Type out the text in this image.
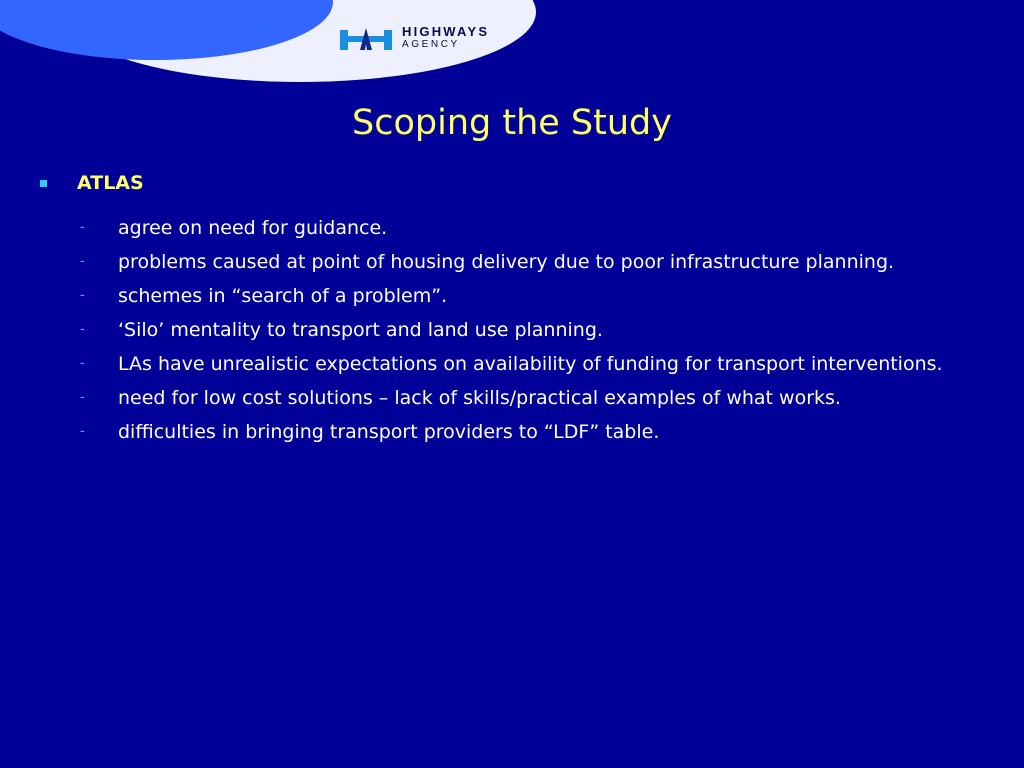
HIGHWAYS
AGENCY
Scoping the Study
ATLAS
-	agree on need for guidance.
-	problems caused at point of housing delivery due to poor infrastructure planning.
-	schemes in “search of a problem”.
-	‘Silo’ mentality to transport and land use planning.
-	LAs have unrealistic expectations on availability of funding for transport interventions.
-	need for low cost solutions – lack of skills/practical examples of what works.
-	difficulties in bringing transport providers to “LDF” table.
